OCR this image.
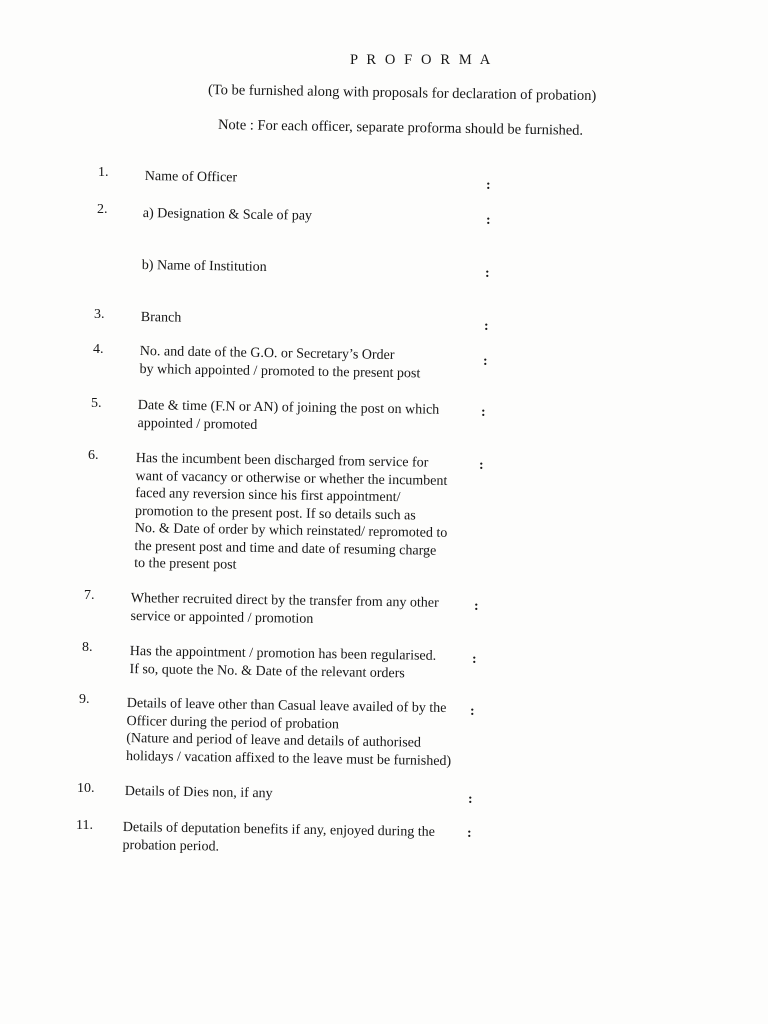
P R O F O R M A
(To be furnished along with proposals for declaration of probation)
Note : For each officer, separate proforma should be furnished.
1.	Name of Officer
:
2.	a) Designation & Scale of pay	:
b) Name of Institution	:
3.	Branch
:
4.	No. and date of the G.O. or Secretary’s Order
by which appointed / promoted to the present post	:
5.	Date & time (F.N or AN) of joining the post on which
appointed / promoted
:
6.	Has the incumbent been discharged from service for
want of vacancy or otherwise or whether the incumbent
faced any reversion since his first appointment/
promotion to the present post. If so details such as
No. & Date of order by which reinstated/ repromoted to
the present post and time and date of resuming charge
to the present post
:
7.	Whether recruited direct by the transfer from any other
service or appointed / promotion
:
8.	Has the appointment / promotion has been regularised.
If so, quote the No. & Date of the relevant orders
:
9.	Details of leave other than Casual leave availed of by the
Officer during the period of probation
(Nature and period of leave and details of authorised
holidays / vacation affixed to the leave must be furnished)
:
10. Details of Dies non, if any	:
11. Details of deputation benefits if any, enjoyed during the
probation period.
:
